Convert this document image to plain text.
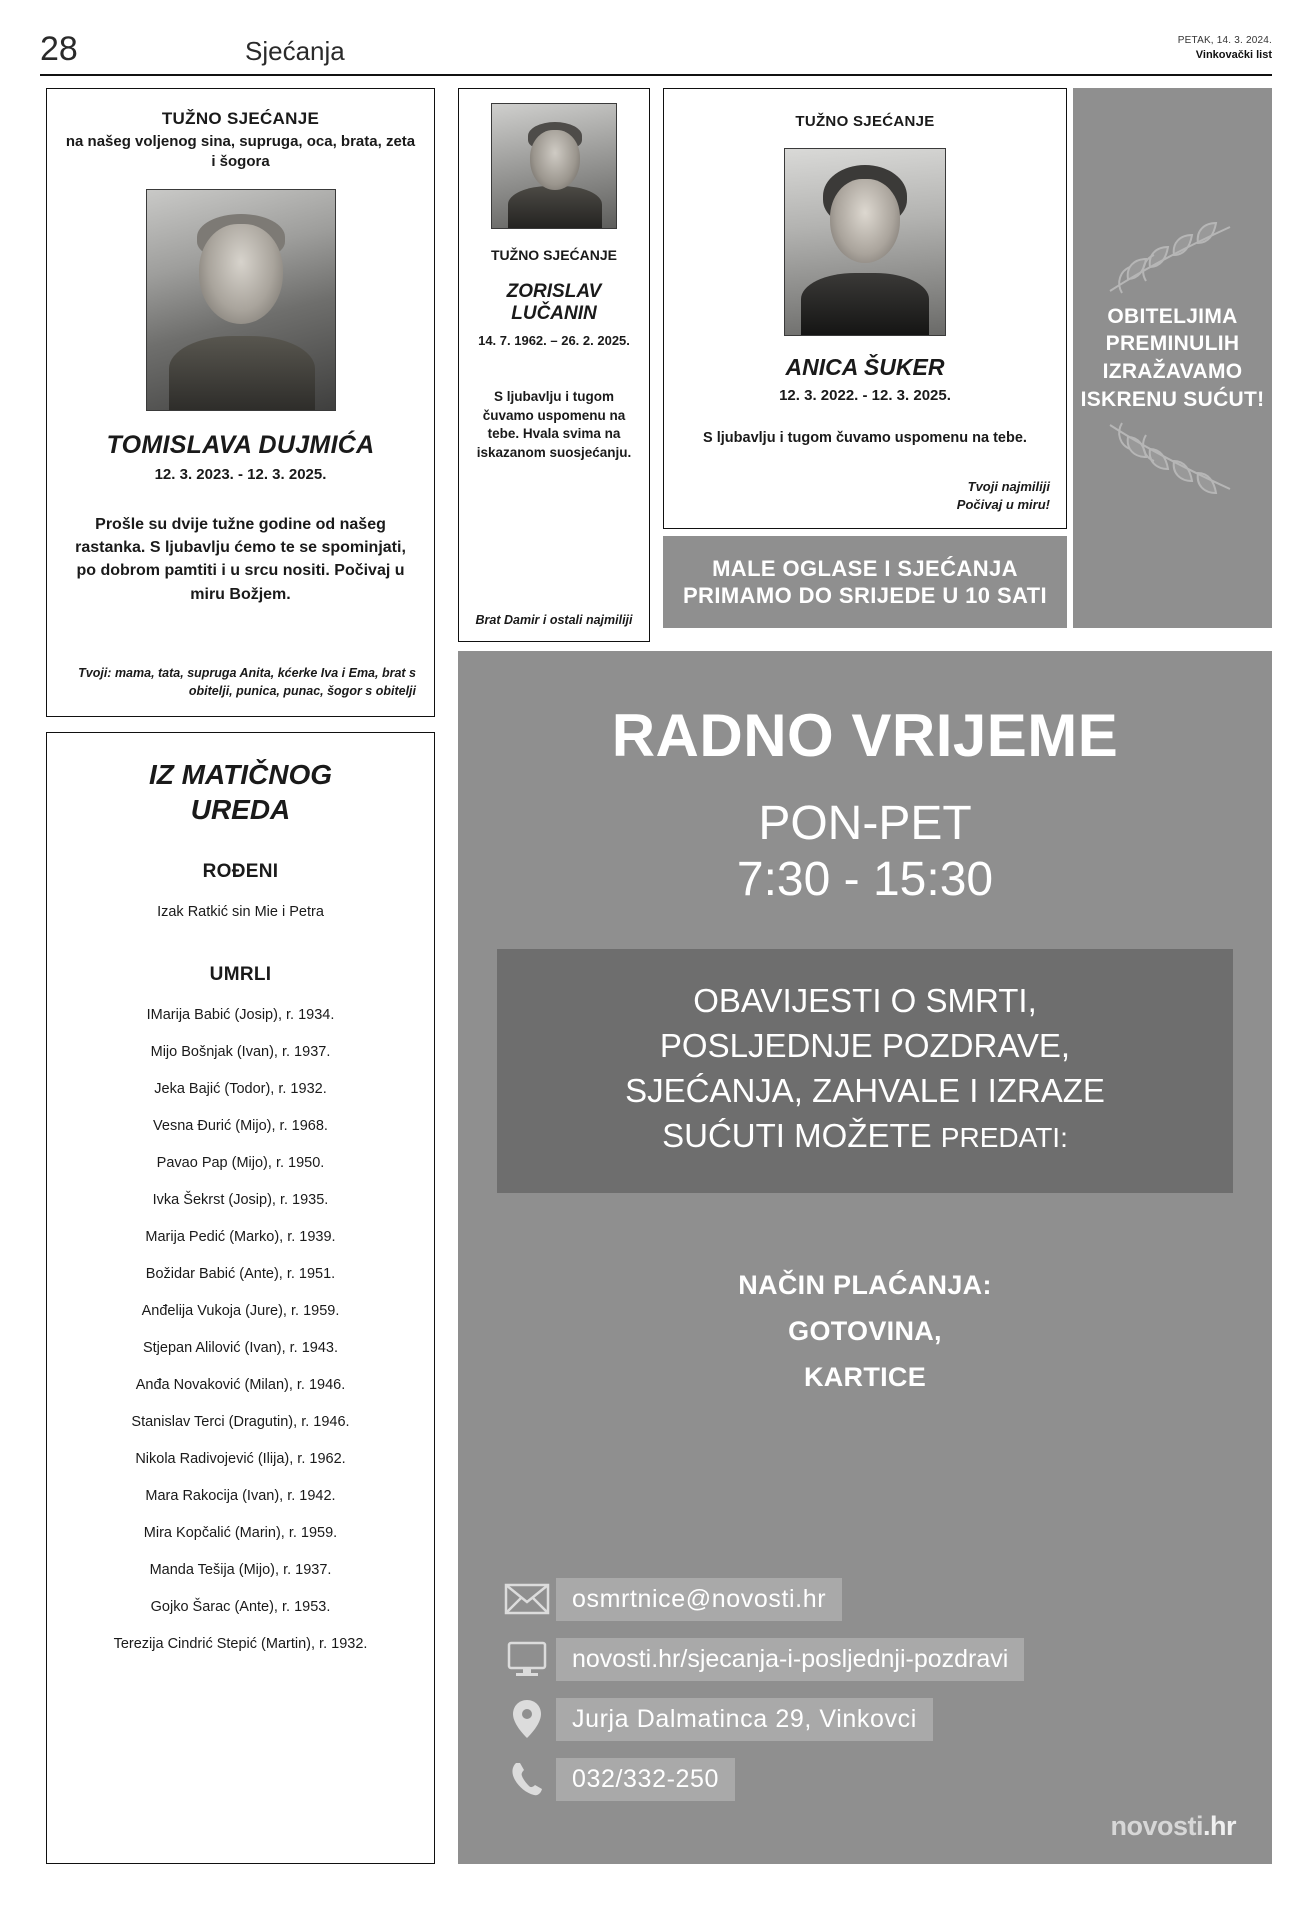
28	Sjećanja	PETAK, 14. 3. 2024.
Vinkovački list
TUŽNO SJEĆANJE
na našeg voljenog sina, supruga, oca, brata, zeta i šogora
TOMISLAVA DUJMIĆA
12. 3. 2023. - 12. 3. 2025.
Prošle su dvije tužne godine od našeg rastanka. S ljubavlju ćemo te se spominjati, po dobrom pamtiti i u srcu nositi. Počivaj u miru Božjem.
Tvoji: mama, tata, supruga Anita, kćerke Iva i Ema, brat s obitelji, punica, punac, šogor s obitelji
TUŽNO SJEĆANJE
ZORISLAV
LUČANIN
14. 7. 1962. – 26. 2. 2025.
S ljubavlju i tugom čuvamo uspomenu na tebe. Hvala svima na iskazanom suosjećanju.
Brat Damir i ostali najmiliji
TUŽNO SJEĆANJE
ANICA ŠUKER
12. 3. 2022. - 12. 3. 2025.
S ljubavlju i tugom čuvamo uspomenu na tebe.
Tvoji najmiliji
Počivaj u miru!
MALE OGLASE I SJEĆANJA
PRIMAMO DO SRIJEDE U 10 SATI
OBITELJIMA
PREMINULIH
IZRAŽAVAMO
ISKRENU SUĆUT!
IZ MATIČNOG
UREDA
ROĐENI
Izak Ratkić sin Mie i Petra
UMRLI
IMarija Babić (Josip), r. 1934.
Mijo Bošnjak (Ivan), r. 1937.
Jeka Bajić (Todor), r. 1932.
Vesna Đurić (Mijo), r. 1968.
Pavao Pap (Mijo), r. 1950.
Ivka Šekrst (Josip), r. 1935.
Marija Pedić (Marko), r. 1939.
Božidar Babić (Ante), r. 1951.
Anđelija Vukoja (Jure), r. 1959.
Stjepan Alilović (Ivan), r. 1943.
Anđa Novaković (Milan), r. 1946.
Stanislav Terci (Dragutin), r. 1946.
Nikola Radivojević (Ilija), r. 1962.
Mara Rakocija (Ivan), r. 1942.
Mira Kopčalić (Marin), r. 1959.
Manda Tešija (Mijo), r. 1937.
Gojko Šarac (Ante), r. 1953.
Terezija Cindrić Stepić (Martin), r. 1932.
RADNO VRIJEME
PON-PET
7:30 - 15:30
OBAVIJESTI O SMRTI,
POSLJEDNJE POZDRAVE,
SJEĆANJA, ZAHVALE I IZRAZE
SUĆUTI MOŽETE PREDATI:
NAČIN PLAĆANJA:
GOTOVINA,
KARTICE
osmrtnice@novosti.hr
novosti.hr/sjecanja-i-posljednji-pozdravi
Jurja Dalmatinca 29, Vinkovci
032/332-250
novosti.hr
